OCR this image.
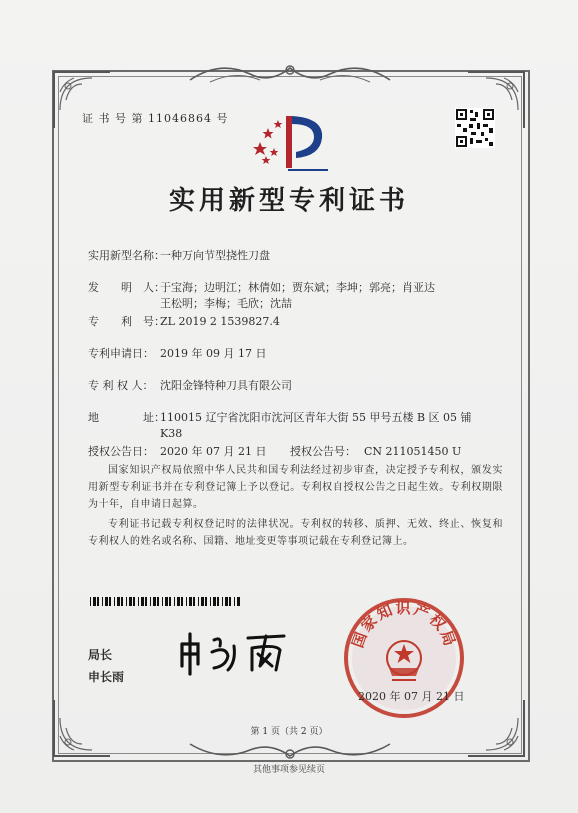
证 书 号 第 11046864 号
实用新型专利证书
实用新型名称：一种万向节型挠性刀盘
发　　明　人：于宝海；边明江；林倩如；贾东斌；李坤；郭亮；肖亚达
王松明；李梅；毛欣；沈喆
专　　利　号：ZL 2019 2 1539827.4
专利申请日： 2019 年 09 月 17 日
专 利 权 人： 沈阳金锋特种刀具有限公司
地　　　　址：110015 辽宁省沈阳市沈河区青年大街 55 甲号五楼 B 区 05 铺
K38
授权公告日： 2020 年 07 月 21 日 授权公告号： CN 211051450 U
国家知识产权局依照中华人民共和国专利法经过初步审查，决定授予专利权，颁发实用新型专利证书并在专利登记簿上予以登记。专利权自授权公告之日起生效。专利权期限为十年，自申请日起算。
专利证书记载专利权登记时的法律状况。专利权的转移、质押、无效、终止、恢复和专利权人的姓名或名称、国籍、地址变更等事项记载在专利登记簿上。
局长
申长雨
国家知识产权局
2020 年 07 月 21 日
第 1 页（共 2 页）
其他事项参见续页
